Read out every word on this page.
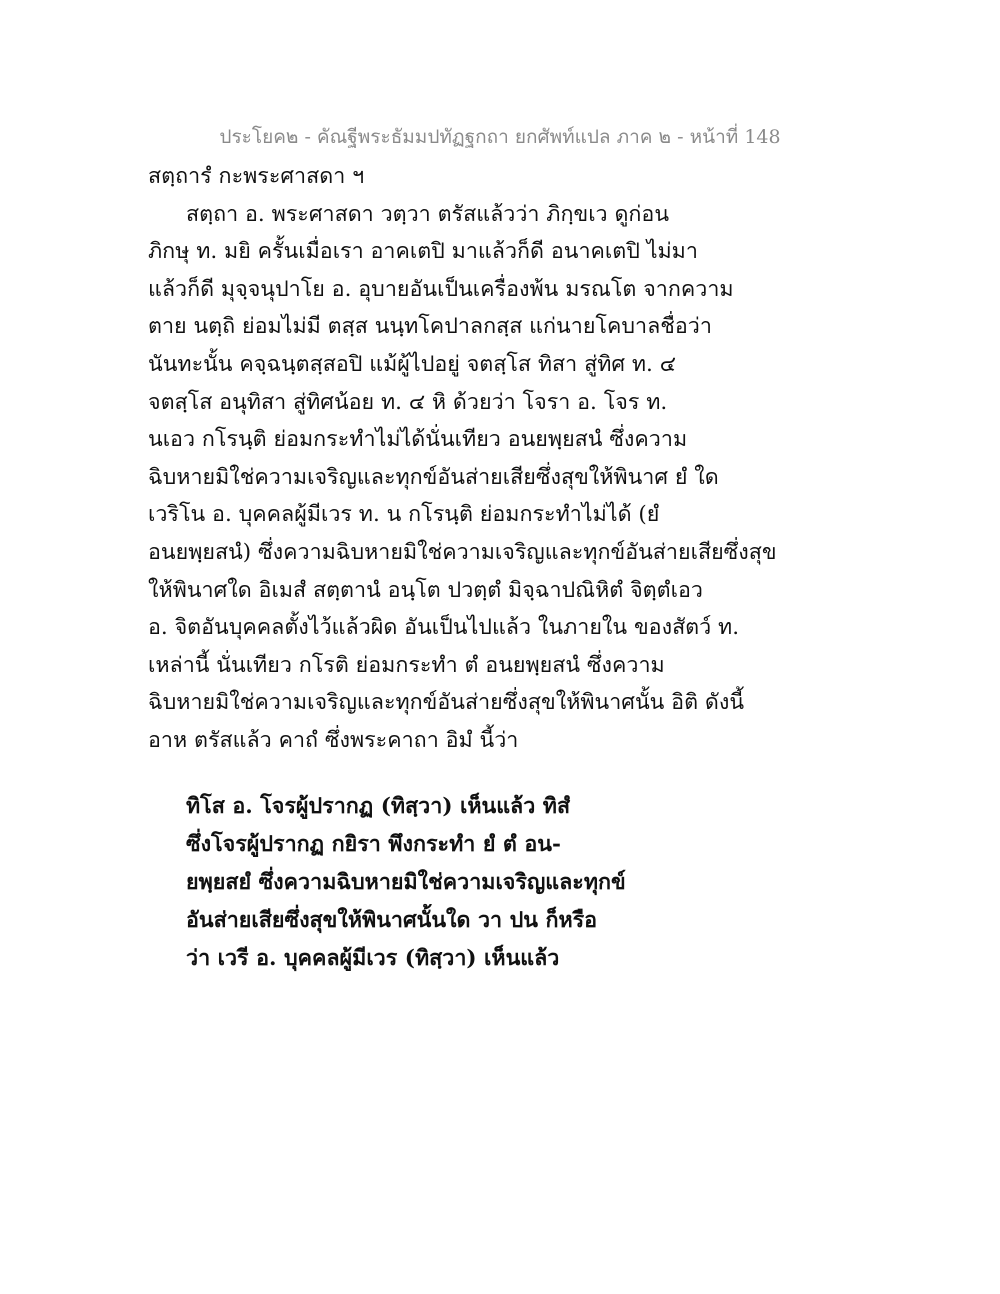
ประโยค๒ - คัณฐีพระธัมมปทัฏฐกถา ยกศัพท์แปล ภาค ๒ - หน้าที่ 148
สตฺถารํ กะพระศาสดา ฯ
สตฺถา อ. พระศาสดา วตฺวา ตรัสแล้วว่า ภิกฺขเว ดูก่อน
ภิกษุ ท. มยิ ครั้นเมื่อเรา อาคเตปิ มาแล้วก็ดี อนาคเตปิ ไม่มา
แล้วก็ดี มุจฺจนุปาโย อ. อุบายอันเป็นเครื่องพ้น มรณโต จากความ
ตาย นตฺถิ ย่อมไม่มี ตสฺส นนฺทโคปาลกสฺส แก่นายโคบาลชื่อว่า
นันทะนั้น คจฺฉนฺตสฺสอปิ แม้ผู้ไปอยู่ จตสฺโส ทิสา สู่ทิศ ท. ๔
จตสฺโส อนุทิสา สู่ทิศน้อย ท. ๔ หิ ด้วยว่า โจรา อ. โจร ท.
นเอว กโรนฺติ ย่อมกระทำไม่ได้นั่นเทียว อนยพฺยสนํ ซึ่งความ
ฉิบหายมิใช่ความเจริญและทุกข์อันส่ายเสียซึ่งสุขให้พินาศ ยํ ใด
เวริโน อ. บุคคลผู้มีเวร ท. น กโรนฺติ ย่อมกระทำไม่ได้ (ยํ
อนยพฺยสนํ) ซึ่งความฉิบหายมิใช่ความเจริญและทุกข์อันส่ายเสียซึ่งสุข
ให้พินาศใด อิเมสํ สตฺตานํ อนฺโต ปวตฺตํ มิจฺฉาปณิหิตํ จิตฺตํเอว
อ. จิตอันบุคคลตั้งไว้แล้วผิด อันเป็นไปแล้ว ในภายใน ของสัตว์ ท.
เหล่านี้ นั่นเทียว กโรติ ย่อมกระทำ ตํ อนยพฺยสนํ ซึ่งความ
ฉิบหายมิใช่ความเจริญและทุกข์อันส่ายซึ่งสุขให้พินาศนั้น อิติ ดังนี้
อาห ตรัสแล้ว คาถํ ซึ่งพระคาถา อิมํ นี้ว่า
ทิโส อ. โจรผู้ปรากฏ (ทิสฺวา) เห็นแล้ว ทิสํ
ซึ่งโจรผู้ปรากฏ กยิรา พึงกระทำ ยํ ตํ อน-
ยพฺยสยํ ซึ่งความฉิบหายมิใช่ความเจริญและทุกข์
อันส่ายเสียซึ่งสุขให้พินาศนั้นใด วา ปน ก็หรือ
ว่า เวรี อ. บุคคลผู้มีเวร (ทิสฺวา) เห็นแล้ว
